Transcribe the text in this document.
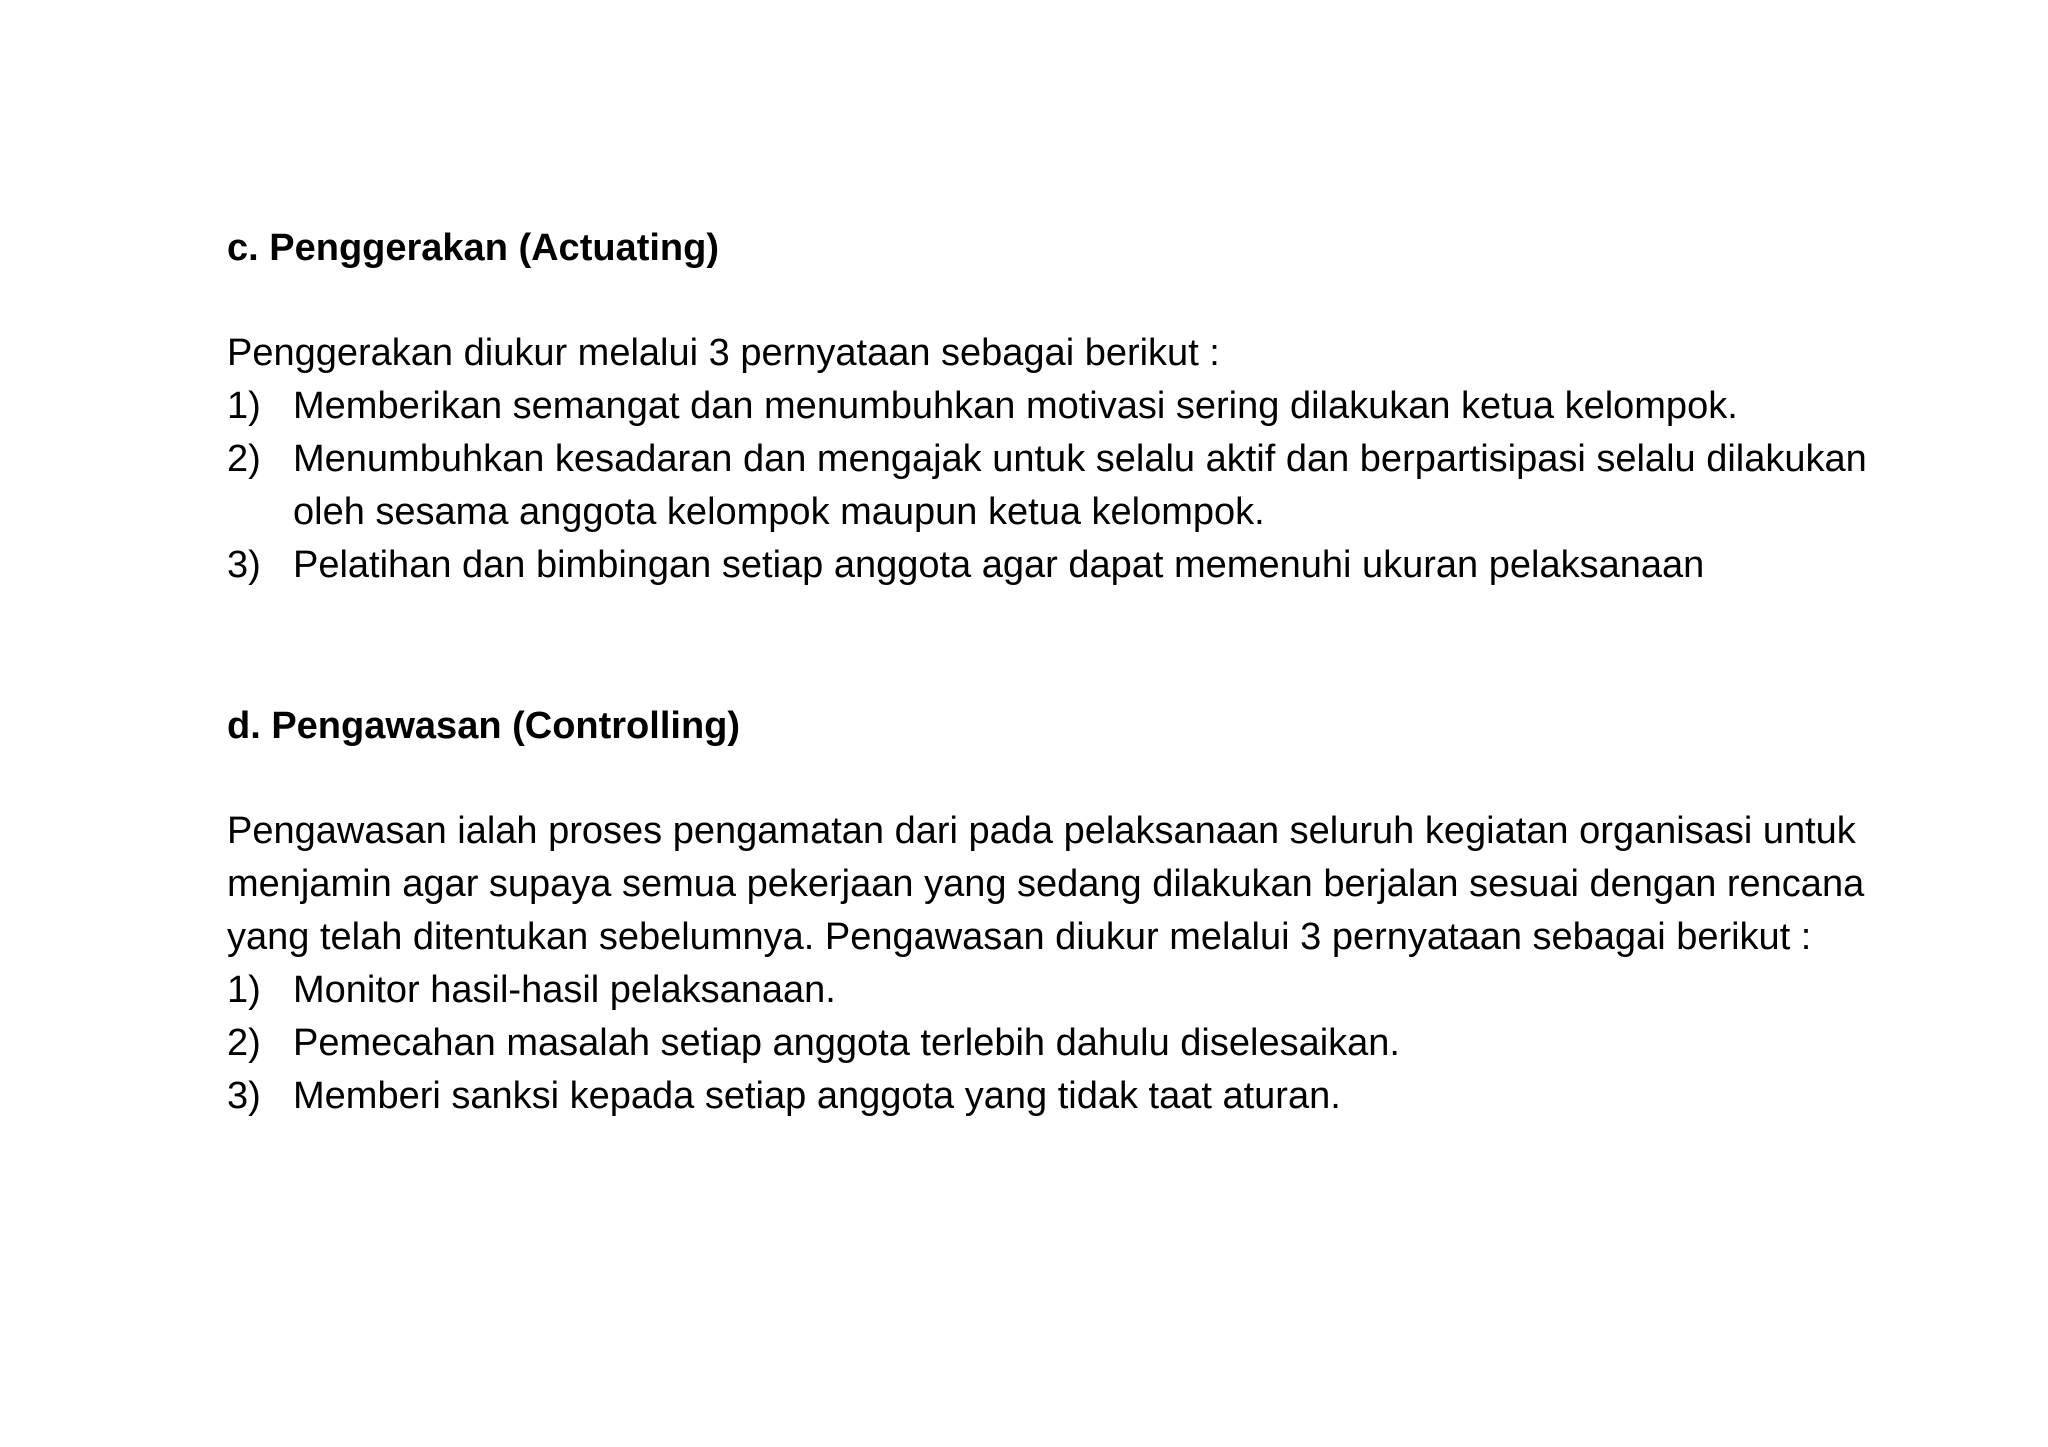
c. Penggerakan (Actuating)

Penggerakan diukur melalui 3 pernyataan sebagai berikut :

1) Memberikan semangat dan menumbuhkan motivasi sering dilakukan ketua kelompok.
2) Menumbuhkan kesadaran dan mengajak untuk selalu aktif dan berpartisipasi selalu dilakukan oleh sesama anggota kelompok maupun ketua kelompok.
3) Pelatihan dan bimbingan setiap anggota agar dapat memenuhi ukuran pelaksanaan

d. Pengawasan (Controlling)

Pengawasan ialah proses pengamatan dari pada pelaksanaan seluruh kegiatan organisasi untuk menjamin agar supaya semua pekerjaan yang sedang dilakukan berjalan sesuai dengan rencana yang telah ditentukan sebelumnya. Pengawasan diukur melalui 3 pernyataan sebagai berikut :

1) Monitor hasil-hasil pelaksanaan.
2) Pemecahan masalah setiap anggota terlebih dahulu diselesaikan.
3) Memberi sanksi kepada setiap anggota yang tidak taat aturan.
